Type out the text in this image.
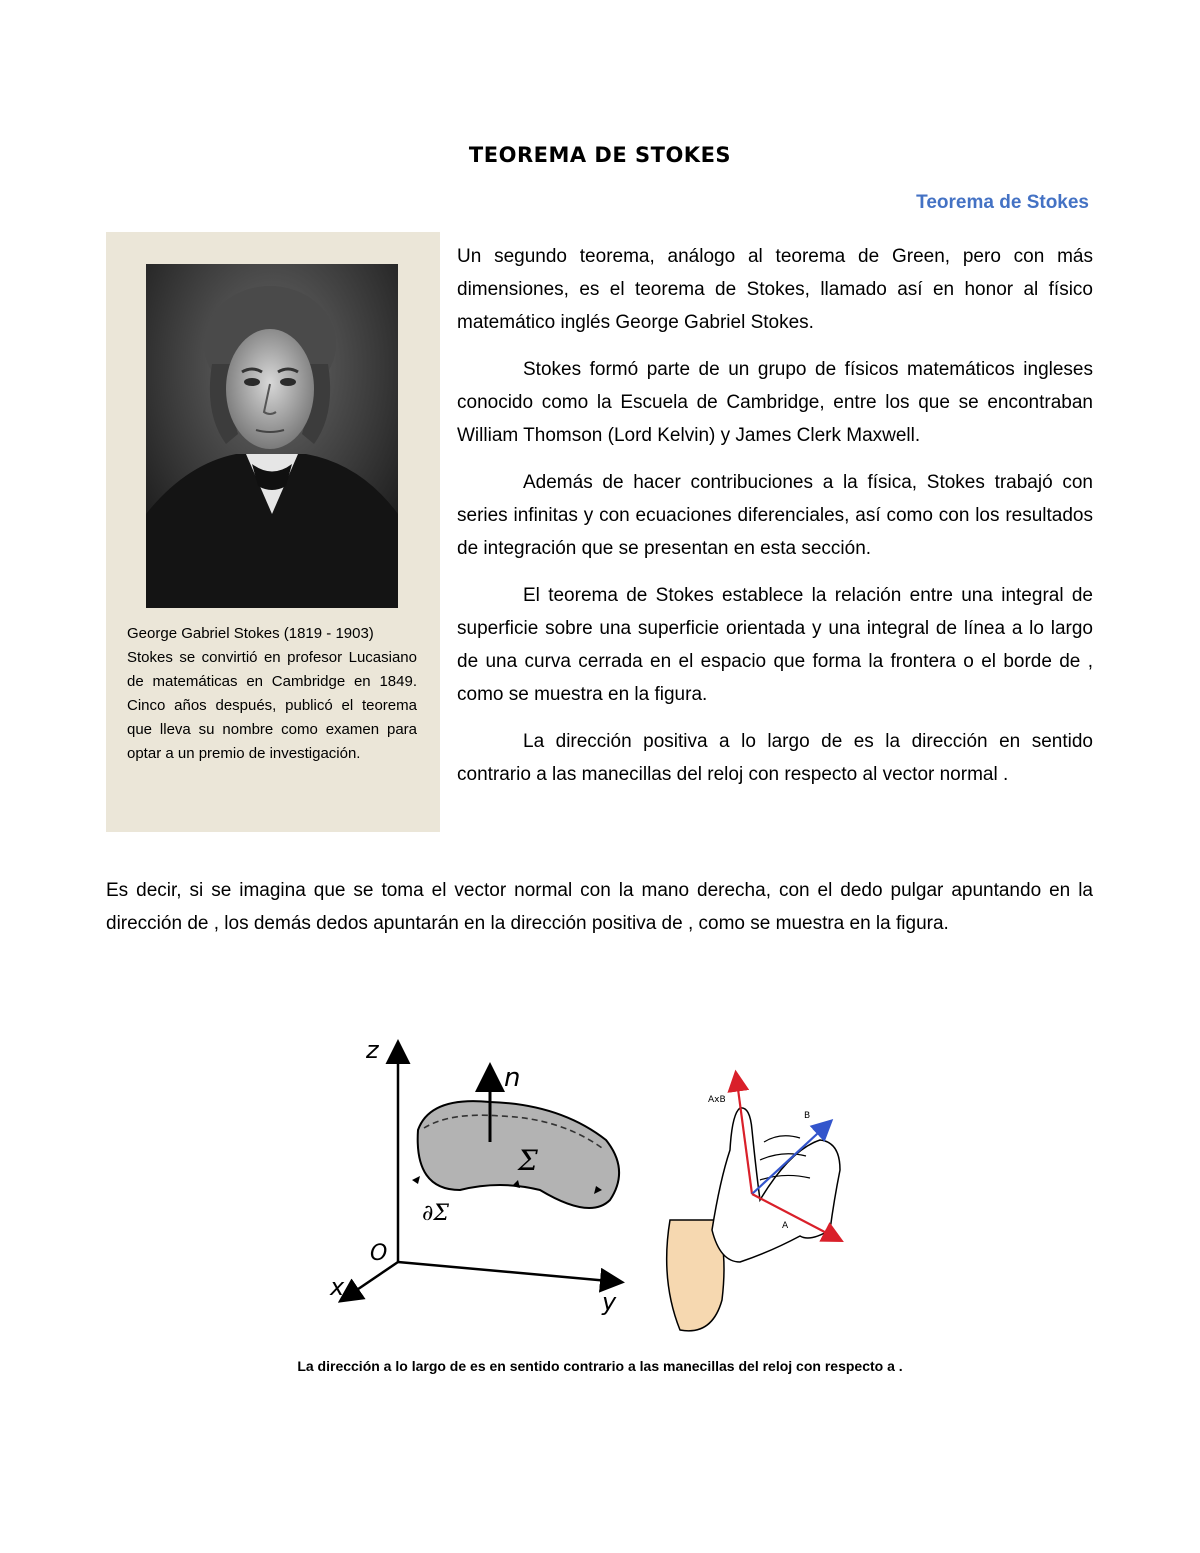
TEOREMA DE STOKES
Teorema de Stokes
George Gabriel Stokes (1819 - 1903)
Stokes se convirtió en profesor Lucasiano de matemáticas en Cambridge en 1849. Cinco años después, publicó el teorema que lleva su nombre como examen para optar a un premio de investigación.

Un segundo teorema, análogo al teorema de Green, pero con más dimensiones, es el teorema de Stokes, llamado así en honor al físico matemático inglés George Gabriel Stokes.

Stokes formó parte de un grupo de físicos matemáticos ingleses conocido como la Escuela de Cambridge, entre los que se encontraban William Thomson (Lord Kelvin) y James Clerk Maxwell.

Además de hacer contribuciones a la física, Stokes trabajó con series infinitas y con ecuaciones diferenciales, así como con los resultados de integración que se presentan en esta sección.

El teorema de Stokes establece la relación entre una integral de superficie sobre una superficie orientada y una integral de línea a lo largo de una curva cerrada en el espacio que forma la frontera o el borde de , como se muestra en la figura.

La dirección positiva a lo largo de es la dirección en sentido contrario a las manecillas del reloj con respecto al vector normal .

Es decir, si se imagina que se toma el vector normal con la mano derecha, con el dedo pulgar apuntando en la dirección de , los demás dedos apuntarán en la dirección positiva de , como se muestra en la figura.

z
y
x
O
n
Σ
∂Σ
AxB
B
A
La dirección a lo largo de es en sentido contrario a las manecillas del reloj con respecto a .
